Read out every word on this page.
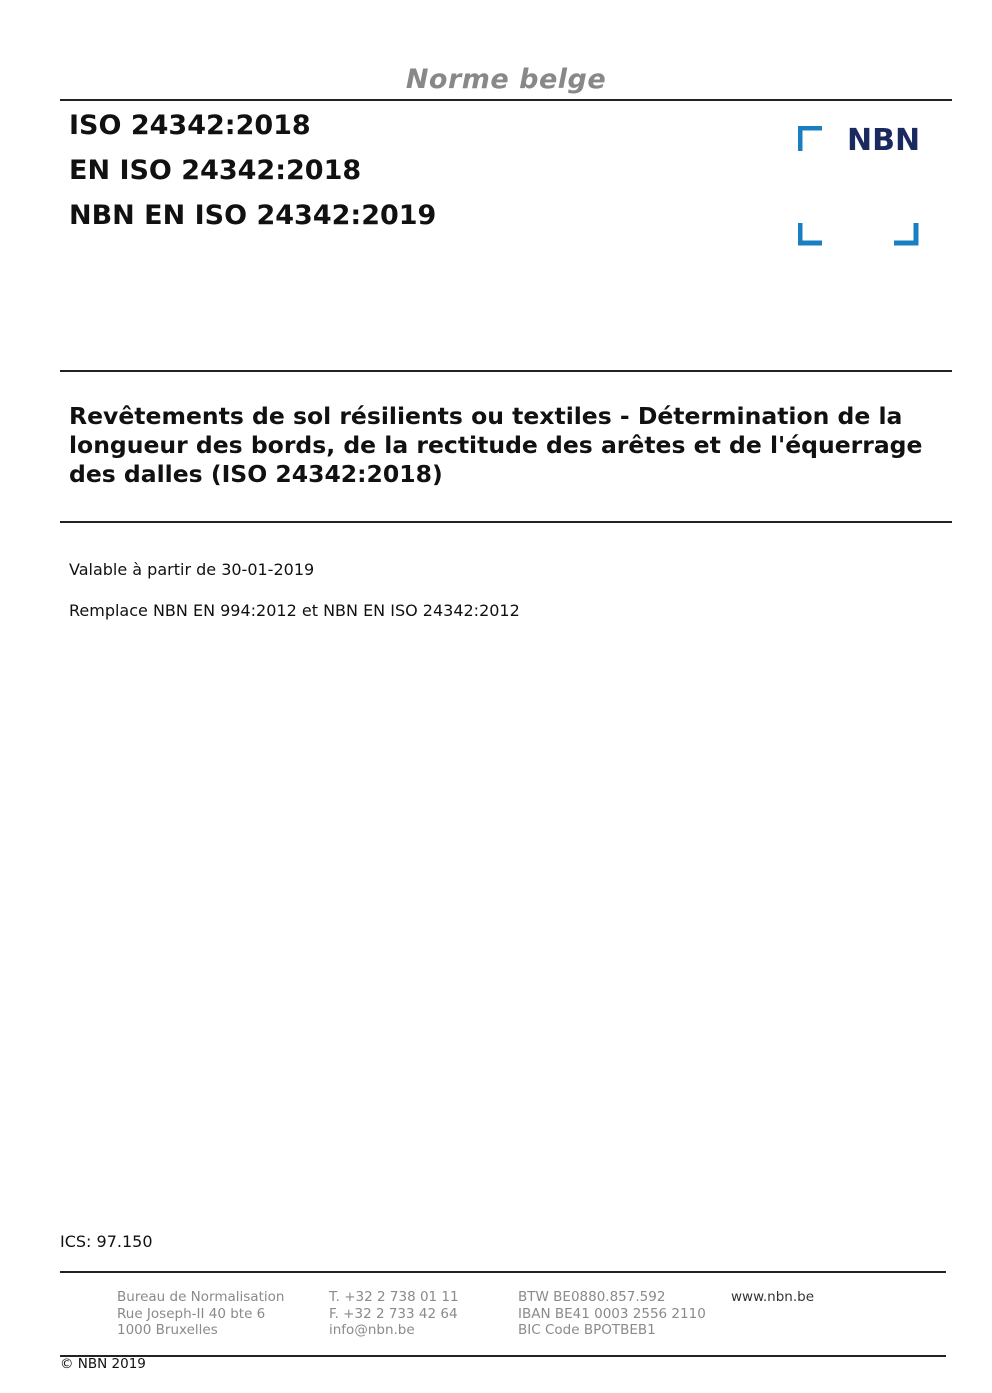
Norme belge
ISO 24342:2018
EN ISO 24342:2018
NBN EN ISO 24342:2019
NBN
Revêtements de sol résilients ou textiles - Détermination de la longueur des bords, de la rectitude des arêtes et de l'équerrage des dalles (ISO 24342:2018)
Valable à partir de 30-01-2019
Remplace NBN EN 994:2012 et NBN EN ISO 24342:2012
ICS: 97.150
Bureau de Normalisation
Rue Joseph-II 40 bte 6
1000 Bruxelles
T. +32 2 738 01 11
F. +32 2 733 42 64
info@nbn.be
BTW BE0880.857.592
IBAN BE41 0003 2556 2110
BIC Code BPOTBEB1
www.nbn.be
© NBN 2019
